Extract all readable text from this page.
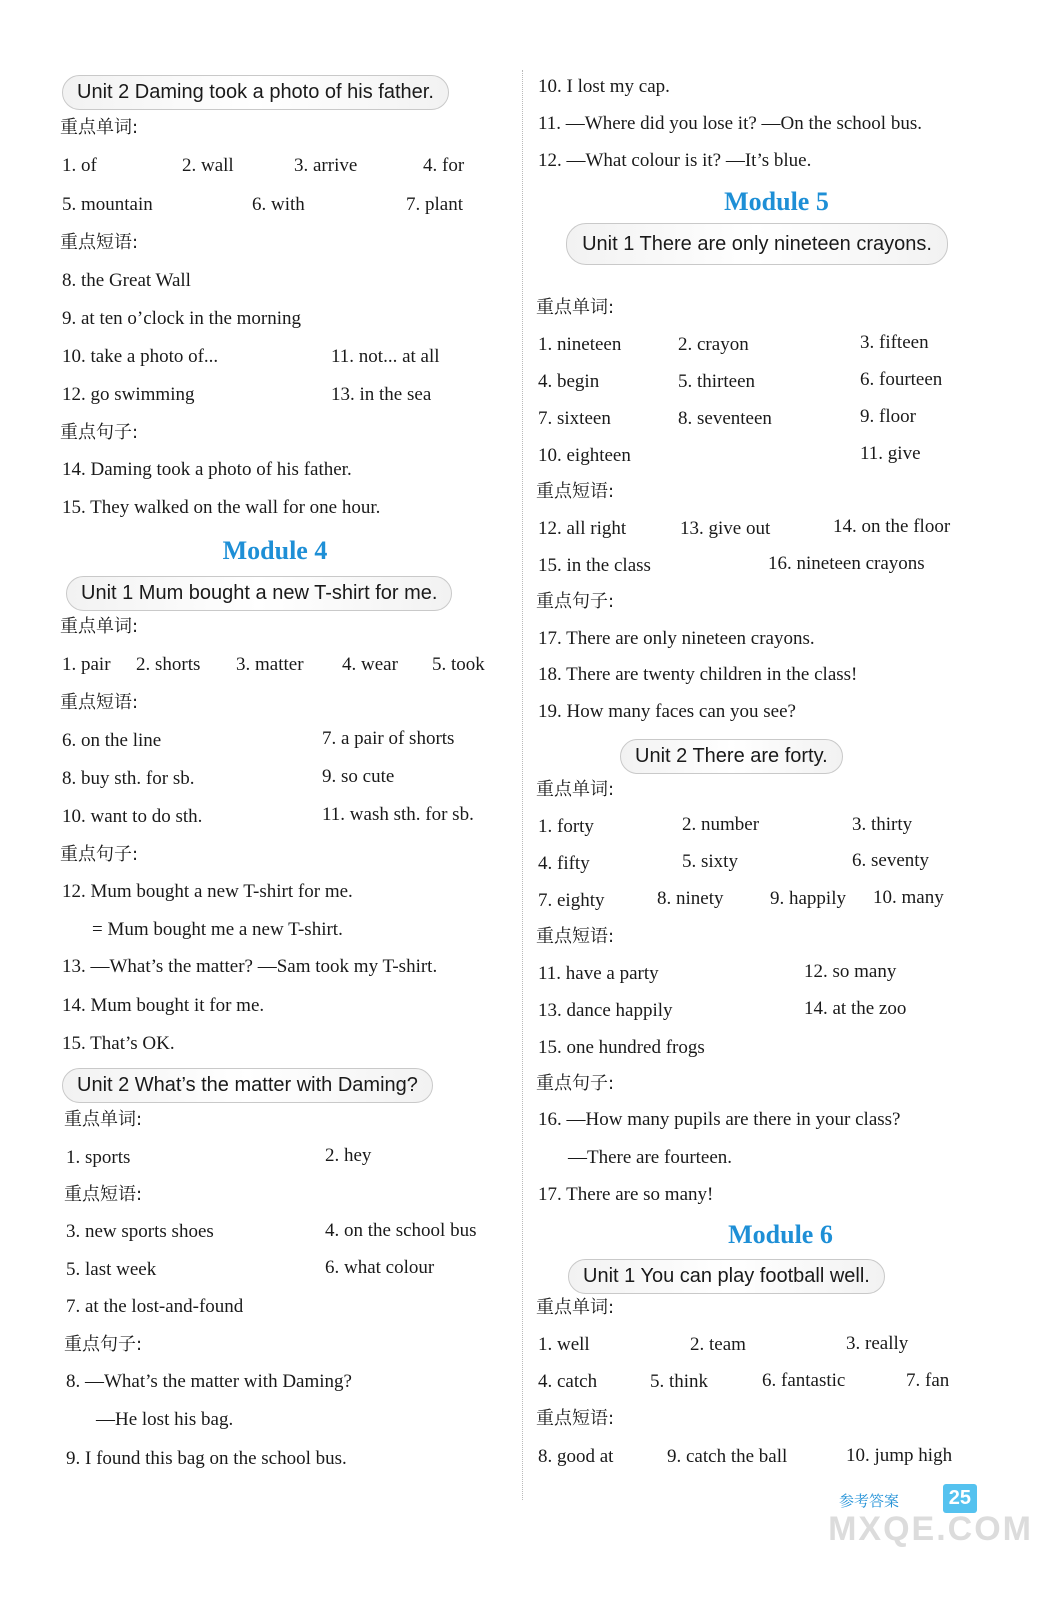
Unit 2 Daming took a photo of his father.
重点单词:
1. of	2. wall	3. arrive	4. for
5. mountain	6. with	7. plant
重点短语:
8. the Great Wall
9. at ten o’clock in the morning
10. take a photo of...	11. not... at all
12. go swimming	13. in the sea
重点句子:
14. Daming took a photo of his father.
15. They walked on the wall for one hour.
Module 4
Unit 1 Mum bought a new T-shirt for me.
重点单词:
1. pair 2. shorts 3. matter 4. wear 5. took
重点短语:
6. on the line	7. a pair of shorts
8. buy sth. for sb.	9. so cute
10. want to do sth.	11. wash sth. for sb.
重点句子:
12. Mum bought a new T-shirt for me.
= Mum bought me a new T-shirt.
13. —What’s the matter? —Sam took my T-shirt.
14. Mum bought it for me.
15. That’s OK.
Unit 2 What’s the matter with Daming?
重点单词:
1. sports	2. hey
重点短语:
3. new sports shoes	4. on the school bus
5. last week	6. what colour
7. at the lost-and-found
重点句子:
8. —What’s the matter with Daming?
—He lost his bag.
9. I found this bag on the school bus.
10. I lost my cap.
11. —Where did you lose it? —On the school bus.
12. —What colour is it? —It’s blue.
Module 5
Unit 1 There are only nineteen crayons.
重点单词:
1. nineteen	2. crayon	3. fifteen
4. begin	5. thirteen	6. fourteen
7. sixteen	8. seventeen	9. floor
10. eighteen	11. give
重点短语:
12. all right	13. give out	14. on the floor
15. in the class	16. nineteen crayons
重点句子:
17. There are only nineteen crayons.
18. There are twenty children in the class!
19. How many faces can you see?
Unit 2 There are forty.
重点单词:
1. forty	2. number	3. thirty
4. fifty	5. sixty	6. seventy
7. eighty	8. ninety 9. happily 10. many
重点短语:
11. have a party	12. so many
13. dance happily	14. at the zoo
15. one hundred frogs
重点句子:
16. —How many pupils are there in your class?
—There are fourteen.
17. There are so many!
Module 6
Unit 1 You can play football well.
重点单词:
1. well	2. team	3. really
4. catch	5. think	6. fantastic	7. fan
重点短语:
8. good at	9. catch the ball	10. jump high
参考答案	25
MXQE.COM
